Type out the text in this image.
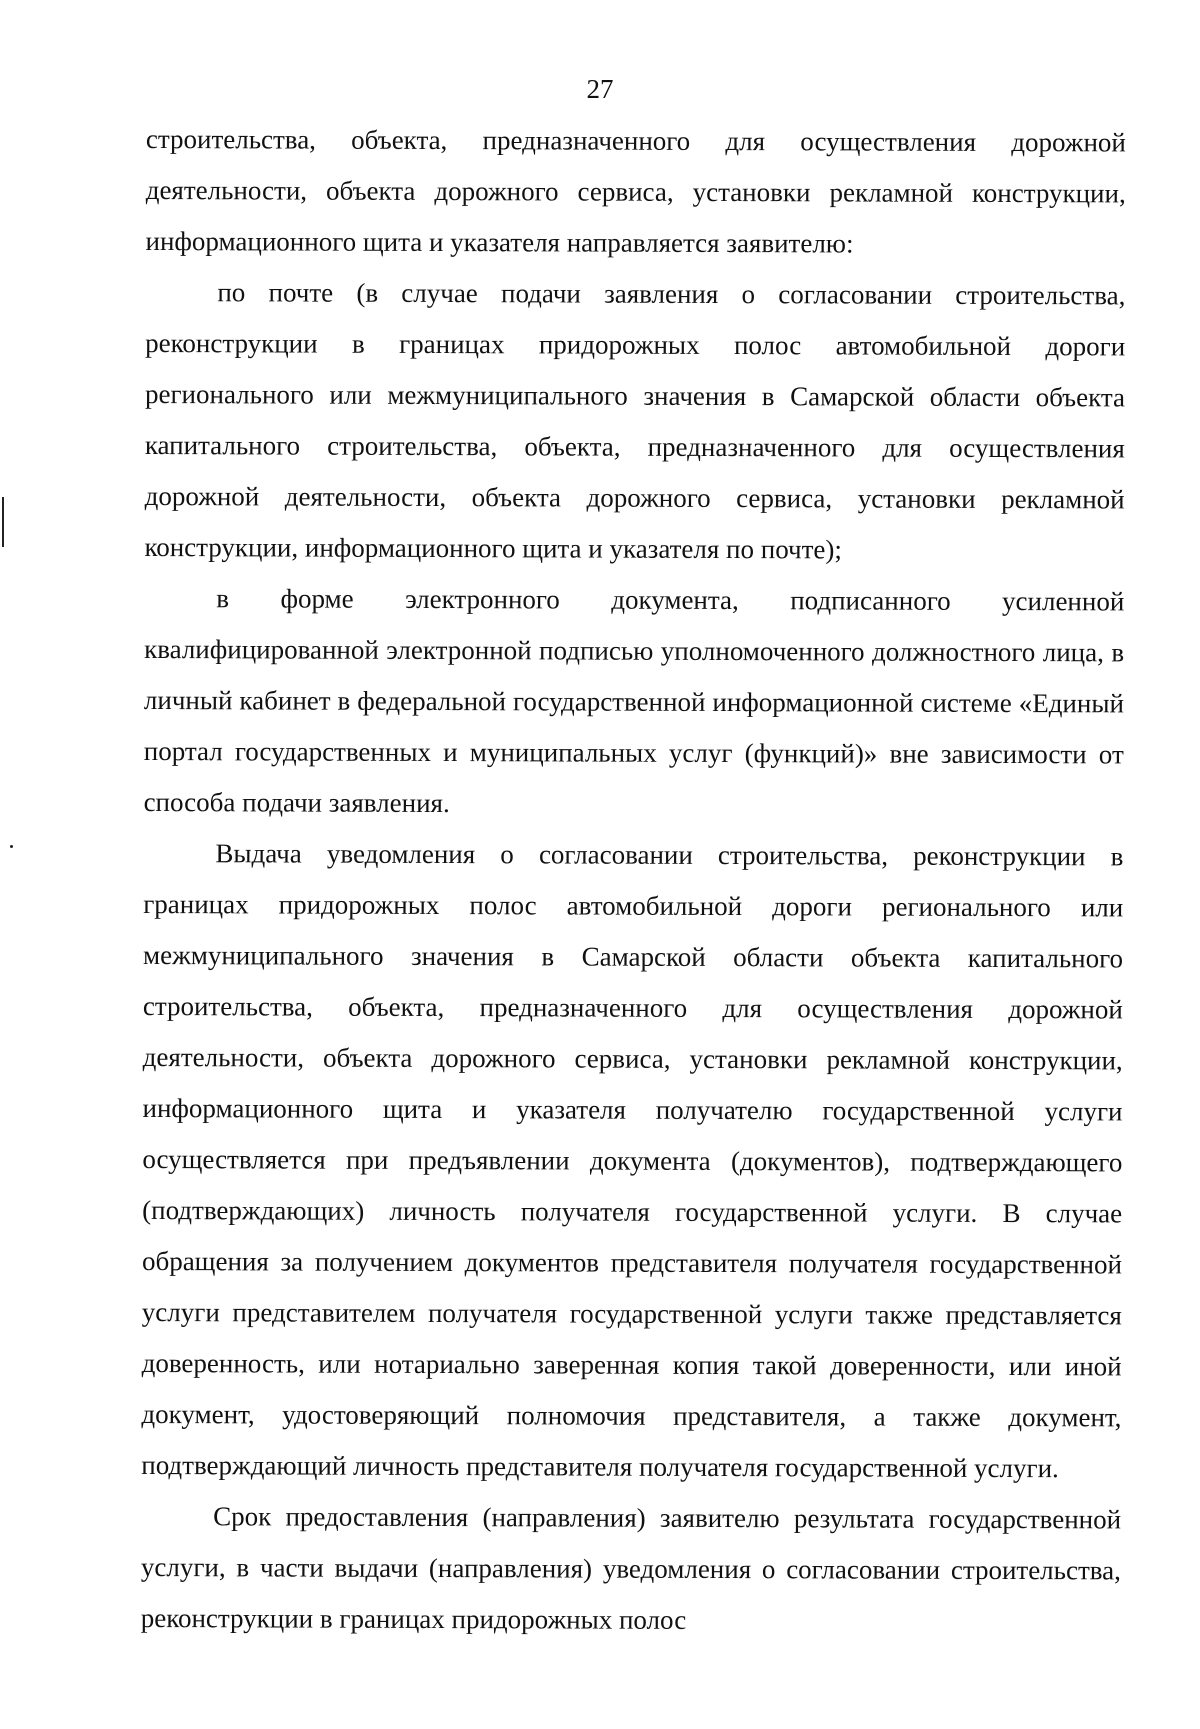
27

строительства, объекта, предназначенного для осуществления дорожной деятельности, объекта дорожного сервиса, установки рекламной конструкции, информационного щита и указателя направляется заявителю:

по почте (в случае подачи заявления о согласовании строительства, реконструкции в границах придорожных полос автомобильной дороги регионального или межмуниципального значения в Самарской области объекта капитального строительства, объекта, предназначенного для осуществления дорожной деятельности, объекта дорожного сервиса, установки рекламной конструкции, информационного щита и указателя по почте);

в форме электронного документа, подписанного усиленной квалифицированной электронной подписью уполномоченного должностного лица, в личный кабинет в федеральной государственной информационной системе «Единый портал государственных и муниципальных услуг (функций)» вне зависимости от способа подачи заявления.

Выдача уведомления о согласовании строительства, реконструкции в границах придорожных полос автомобильной дороги регионального или межмуниципального значения в Самарской области объекта капитального строительства, объекта, предназначенного для осуществления дорожной деятельности, объекта дорожного сервиса, установки рекламной конструкции, информационного щита и указателя получателю государственной услуги осуществляется при предъявлении документа (документов), подтверждающего (подтверждающих) личность получателя государственной услуги. В случае обращения за получением документов представителя получателя государственной услуги представителем получателя государственной услуги также представляется доверенность, или нотариально заверенная копия такой доверенности, или иной документ, удостоверяющий полномочия представителя, а также документ, подтверждающий личность представителя получателя государственной услуги.

Срок предоставления (направления) заявителю результата государственной услуги, в части выдачи (направления) уведомления о согласовании строительства, реконструкции в границах придорожных полос
